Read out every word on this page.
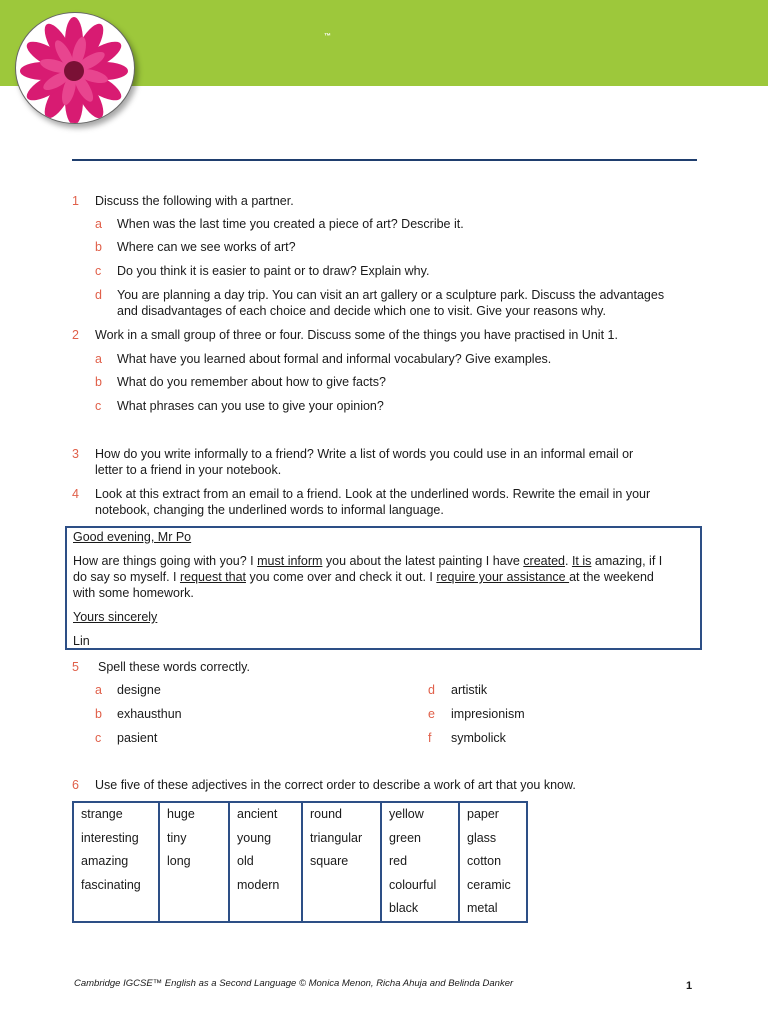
™
1 Discuss the following with a partner.
a When was the last time you created a piece of art? Describe it.
b Where can we see works of art?
c Do you think it is easier to paint or to draw? Explain why.
d You are planning a day trip. You can visit an art gallery or a sculpture park. Discuss the advantages
and disadvantages of each choice and decide which one to visit. Give your reasons why.
2 Work in a small group of three or four. Discuss some of the things you have practised in Unit 1.
a What have you learned about formal and informal vocabulary? Give examples.
b What do you remember about how to give facts?
c What phrases can you use to give your opinion?
3 How do you write informally to a friend? Write a list of words you could use in an informal email or
letter to a friend in your notebook.
4 Look at this extract from an email to a friend. Look at the underlined words. Rewrite the email in your
notebook, changing the underlined words to informal language.
Good evening, Mr Po
How are things going with you? I must inform you about the latest painting I have created. It is amazing, if I
do say so myself. I request that you come over and check it out. I require your assistance at the weekend
with some homework.
Yours sincerely
Lin
5 Spell these words correctly.
a designe
b exhausthun
c pasient
d artistik
e impresionism
f symbolick
6 Use five of these adjectives in the correct order to describe a work of art that you know.
strange	huge	ancient	round	yellow	paper
interesting	tiny	young	triangular	green	glass
amazing	long	old	square	red	cotton
fascinating		modern		colourful	ceramic
				black	metal
Cambridge IGCSE™ English as a Second Language © Monica Menon, Richa Ahuja and Belinda Danker	1
